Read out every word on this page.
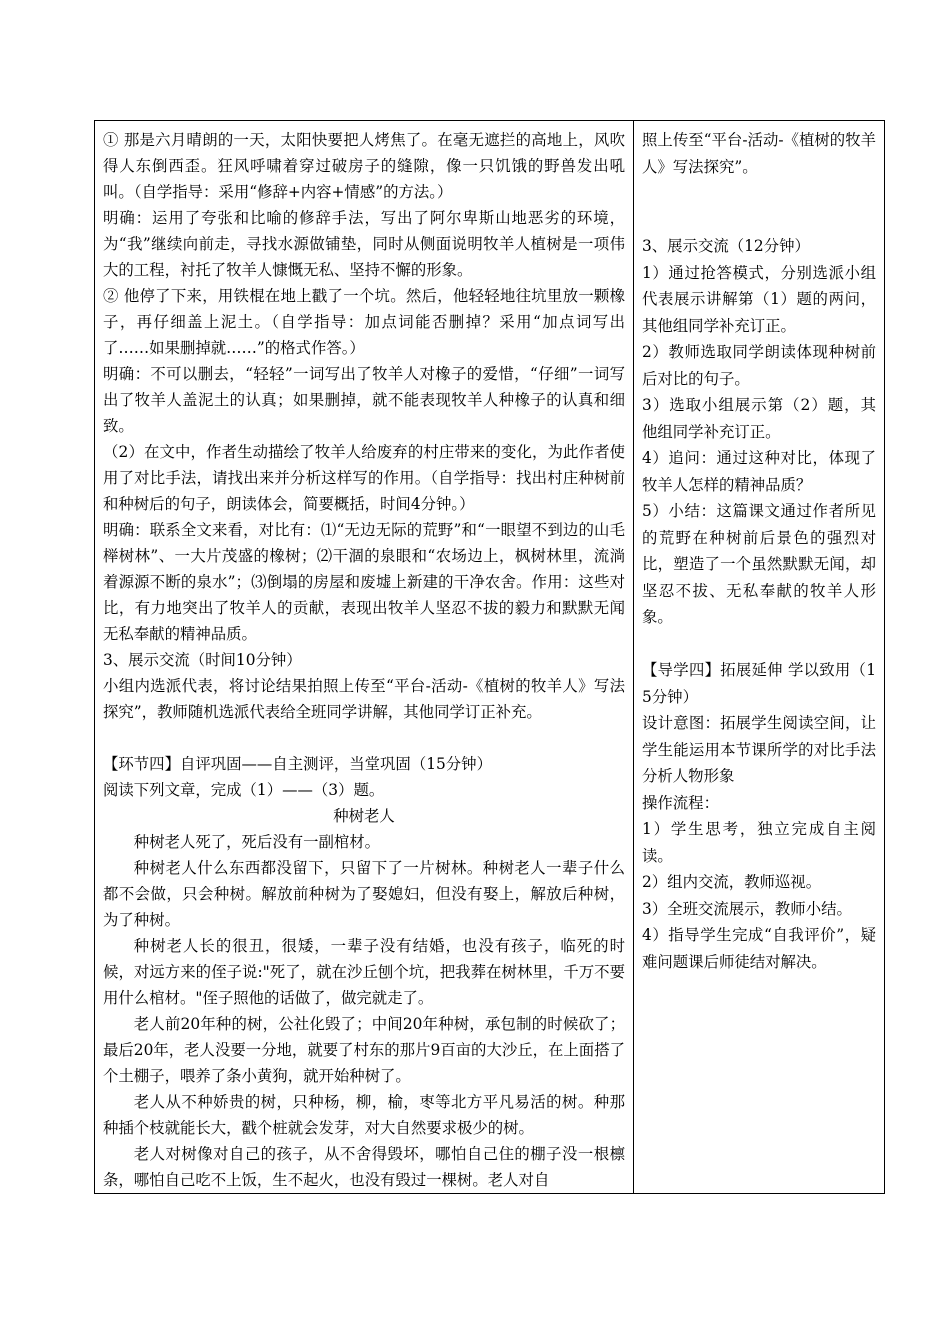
① 那是六月晴朗的一天，太阳快要把人烤焦了。在毫无遮拦的高地上，风吹得人东倒西歪。狂风呼啸着穿过破房子的缝隙，像一只饥饿的野兽发出吼叫。（自学指导：采用“修辞+内容+情感”的方法。）

明确：运用了夸张和比喻的修辞手法，写出了阿尔卑斯山地恶劣的环境，为“我”继续向前走，寻找水源做铺垫，同时从侧面说明牧羊人植树是一项伟大的工程，衬托了牧羊人慷慨无私、坚持不懈的形象。

② 他停了下来，用铁棍在地上戳了一个坑。然后，他轻轻地往坑里放一颗橡子，再仔细盖上泥土。（自学指导：加点词能否删掉？采用“加点词写出了……如果删掉就……”的格式作答。）

明确：不可以删去，“轻轻”一词写出了牧羊人对橡子的爱惜，“仔细”一词写出了牧羊人盖泥土的认真；如果删掉，就不能表现牧羊人种橡子的认真和细致。

（2）在文中，作者生动描绘了牧羊人给废弃的村庄带来的变化，为此作者使用了对比手法，请找出来并分析这样写的作用。（自学指导：找出村庄种树前和种树后的句子，朗读体会，简要概括，时间4分钟。）

明确：联系全文来看，对比有：⑴“无边无际的荒野”和“一眼望不到边的山毛榉树林”、一大片茂盛的橡树；⑵干涸的泉眼和“农场边上，枫树林里，流淌着源源不断的泉水”；⑶倒塌的房屋和废墟上新建的干净农舍。作用：这些对比，有力地突出了牧羊人的贡献，表现出牧羊人坚忍不拔的毅力和默默无闻无私奉献的精神品质。

3、展示交流（时间10分钟）

小组内选派代表，将讨论结果拍照上传至“平台-活动-《植树的牧羊人》写法探究”，教师随机选派代表给全班同学讲解，其他同学订正补充。

【环节四】自评巩固——自主测评，当堂巩固（15分钟）

阅读下列文章，完成（1）——（3）题。

种树老人

种树老人死了，死后没有一副棺材。

种树老人什么东西都没留下，只留下了一片树林。种树老人一辈子什么都不会做，只会种树。解放前种树为了娶媳妇，但没有娶上，解放后种树，为了种树。

种树老人长的很丑，很矮，一辈子没有结婚，也没有孩子，临死的时候，对远方来的侄子说:"死了，就在沙丘刨个坑，把我葬在树林里，千万不要用什么棺材。"侄子照他的话做了，做完就走了。

老人前20年种的树，公社化毁了；中间20年种树，承包制的时候砍了；最后20年，老人没要一分地，就要了村东的那片9百亩的大沙丘，在上面搭了个土棚子，喂养了条小黄狗，就开始种树了。

老人从不种娇贵的树，只种杨，柳，榆，枣等北方平凡易活的树。种那种插个枝就能长大，戳个桩就会发芽，对大自然要求极少的树。

老人对树像对自己的孩子，从不舍得毁坏，哪怕自己住的棚子没一根檩条，哪怕自己吃不上饭，生不起火，也没有毁过一棵树。老人对自

照上传至“平台-活动-《植树的牧羊人》写法探究”。

3、展示交流（12分钟）

1）通过抢答模式，分别选派小组代表展示讲解第（1）题的两问，其他组同学补充订正。

2）教师选取同学朗读体现种树前后对比的句子。

3）选取小组展示第（2）题，其他组同学补充订正。

4）追问：通过这种对比，体现了牧羊人怎样的精神品质？

5）小结：这篇课文通过作者所见的荒野在种树前后景色的强烈对比，塑造了一个虽然默默无闻，却坚忍不拔、无私奉献的牧羊人形象。

【导学四】拓展延伸 学以致用（15分钟）

设计意图：拓展学生阅读空间，让学生能运用本节课所学的对比手法分析人物形象

操作流程：

1）学生思考，独立完成自主阅读。

2）组内交流，教师巡视。

3）全班交流展示，教师小结。

4）指导学生完成“自我评价”，疑难问题课后师徒结对解决。
